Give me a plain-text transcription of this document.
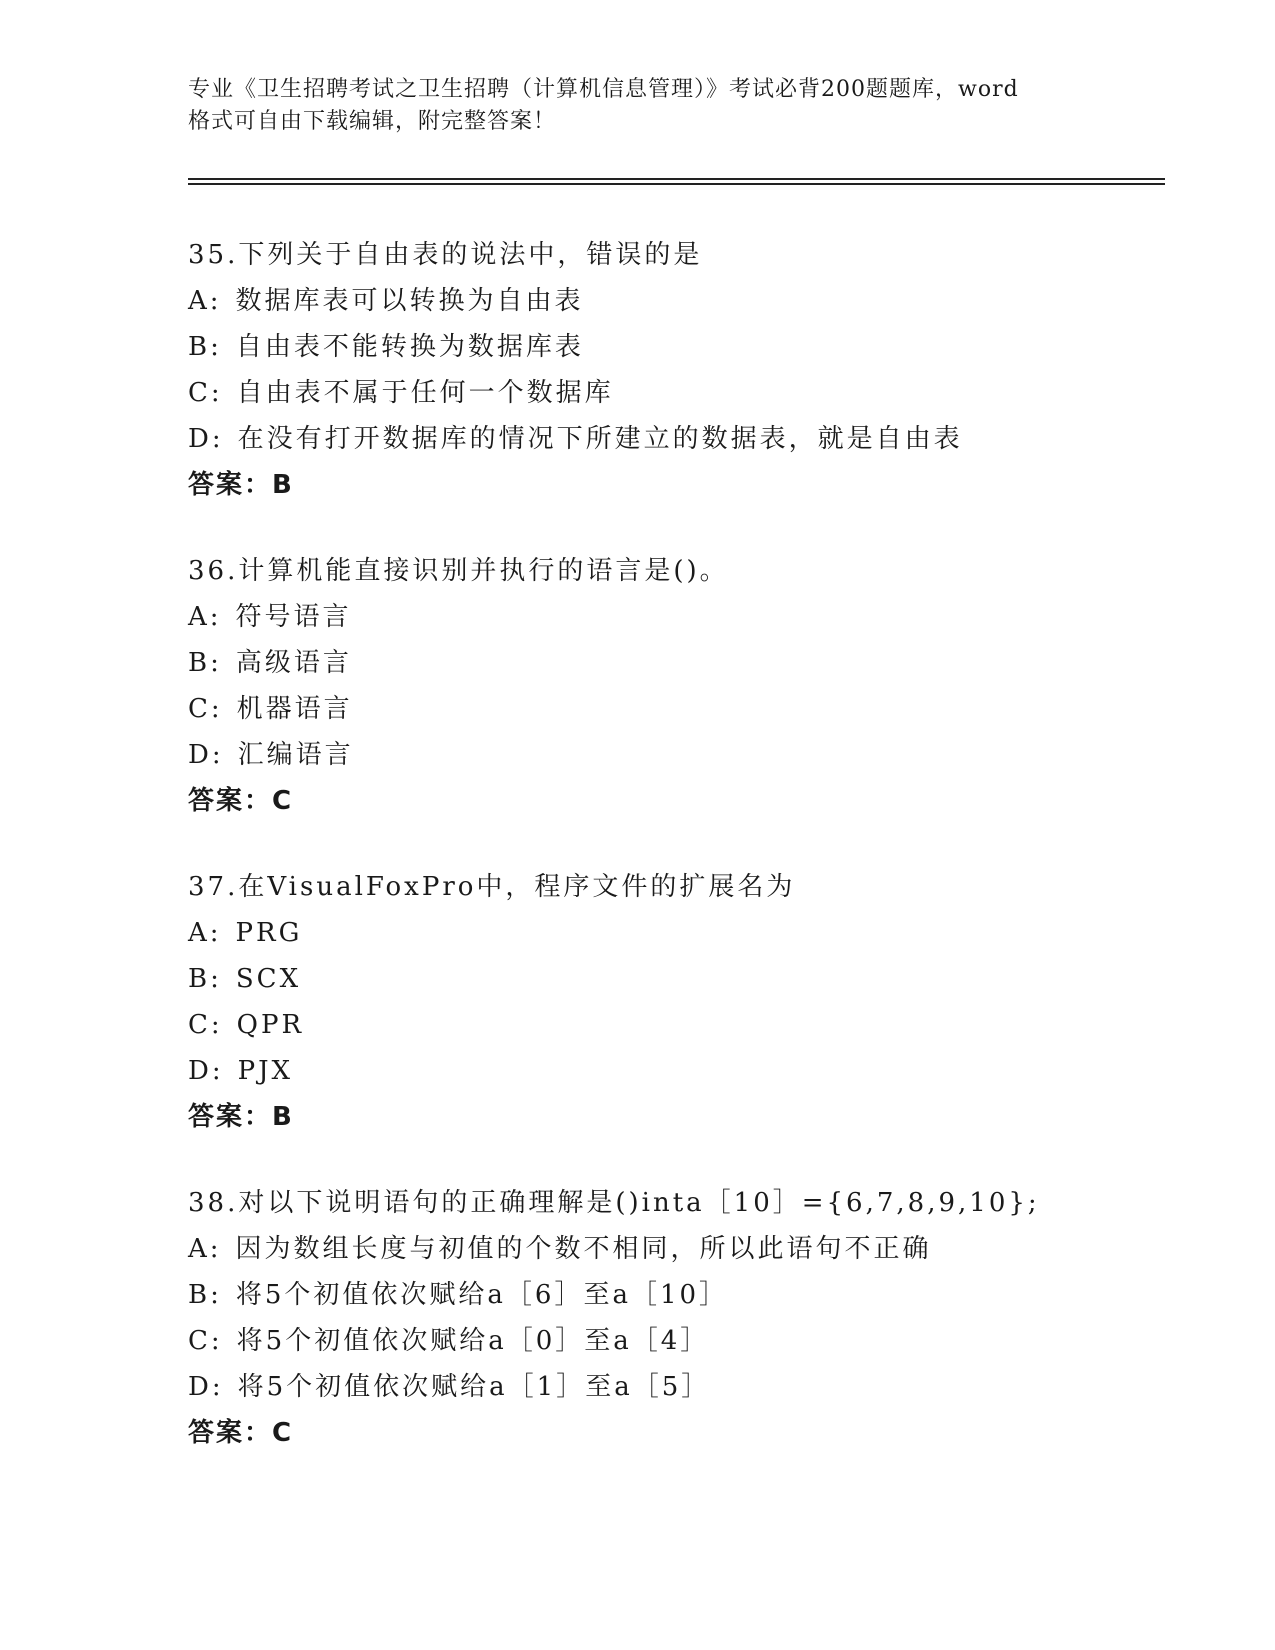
专业《卫生招聘考试之卫生招聘（计算机信息管理）》考试必背200题题库，word
格式可自由下载编辑，附完整答案！
35.下列关于自由表的说法中，错误的是
A: 数据库表可以转换为自由表
B: 自由表不能转换为数据库表
C: 自由表不属于任何一个数据库
D: 在没有打开数据库的情况下所建立的数据表，就是自由表
答案：B
36.计算机能直接识别并执行的语言是()。
A: 符号语言
B: 高级语言
C: 机器语言
D: 汇编语言
答案：C
37.在VisualFoxPro中，程序文件的扩展名为
A: PRG
B: SCX
C: QPR
D: PJX
答案：B
38.对以下说明语句的正确理解是()inta［10］={6,7,8,9,10};
A: 因为数组长度与初值的个数不相同，所以此语句不正确
B: 将5个初值依次赋给a［6］至a［10］
C: 将5个初值依次赋给a［0］至a［4］
D: 将5个初值依次赋给a［1］至a［5］
答案：C
